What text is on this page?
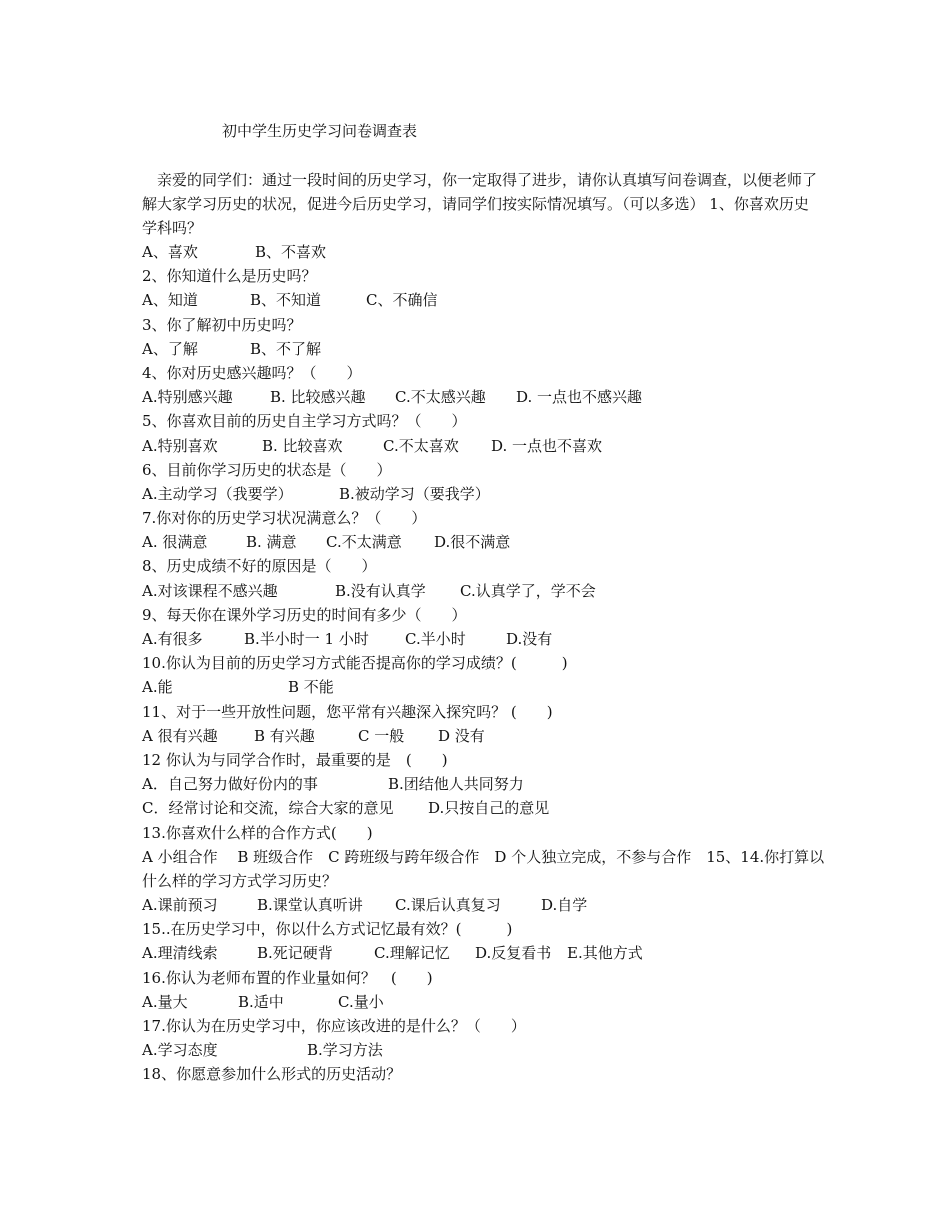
初中学生历史学习问卷调查表

亲爱的同学们：通过一段时间的历史学习，你一定取得了进步，请你认真填写问卷调查，以便老师了解大家学习历史的状况，促进今后历史学习，请同学们按实际情况填写。（可以多选） 1、你喜欢历史学科吗？

A、喜欢	B、不喜欢
2、你知道什么是历史吗？
A、知道	B、不知道	C、不确信
3、你了解初中历史吗？
A、了解	B、不了解
4、你对历史感兴趣吗？（　　）
A.特别感兴趣 B. 比较感兴趣 C.不太感兴趣 D. 一点也不感兴趣
5、你喜欢目前的历史自主学习方式吗？（　　）
A.特别喜欢	B. 比较喜欢	C.不太喜欢 D. 一点也不喜欢
6、目前你学习历史的状态是（　　）
A.主动学习（我要学）	B.被动学习（要我学）
7.你对你的历史学习状况满意么？（　　）
A. 很满意	B. 满意 C.不太满意 D.很不满意
8、历史成绩不好的原因是（　　）
A.对该课程不感兴趣	B.没有认真学 C.认真学了，学不会
9、每天你在课外学习历史的时间有多少（　　）
A.有很多	B.半小时一 1 小时 C.半小时	D.没有
10.你认为目前的历史学习方式能否提高你的学习成绩？(　　　)
A.能	B 不能
11、对于一些开放性问题，您平常有兴趣深入探究吗？ (　　)
A 很有兴趣 B 有兴趣	C 一般 D 没有
12 你认为与同学合作时，最重要的是　(　　)
A．自己努力做好份内的事	B.团结他人共同努力
C．经常讨论和交流，综合大家的意见 D.只按自己的意见
13.你喜欢什么样的合作方式(　　)
A 小组合作　 B 班级合作　C 跨班级与跨年级合作　D 个人独立完成，不参与合作　15、14.你打算以什么样的学习方式学习历史？
A.课前预习	B.课堂认真听讲 C.课后认真复习	D.自学
15..在历史学习中，你以什么方式记忆最有效？(　　　)
A.理清线索	B.死记硬背	C.理解记忆 D.反复看书 E.其他方式
16.你认为老师布置的作业量如何？　(　　)
A.量大	B.适中	C.量小
17.你认为在历史学习中，你应该改进的是什么？（　　）
A.学习态度	B.学习方法
18、你愿意参加什么形式的历史活动？
